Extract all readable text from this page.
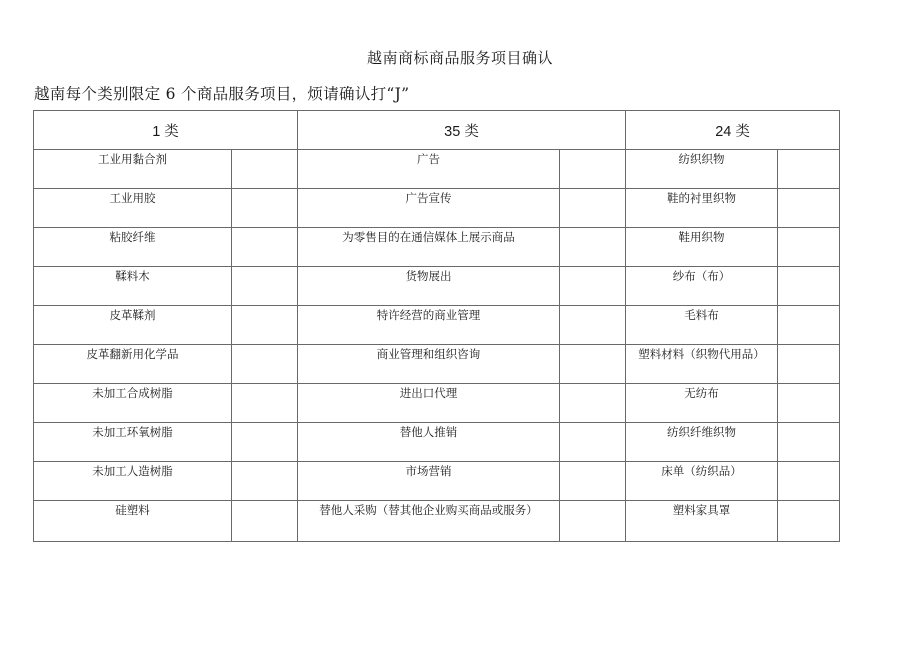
越南商标商品服务项目确认
越南每个类别限定 6 个商品服务项目，烦请确认打“J”
1 类		35 类		24 类	
工业用黏合剂		广告		纺织织物	
工业用胶		广告宣传		鞋的衬里织物	
粘胶纤维		为零售目的在通信媒体上展示商品		鞋用织物	
鞣料木		货物展出		纱布（布）	
皮革鞣剂		特许经营的商业管理		毛料布	
皮革翻新用化学品		商业管理和组织咨询		塑料材料（织物代用品）	
未加工合成树脂		进出口代理		无纺布	
未加工环氧树脂		替他人推销		纺织纤维织物	
未加工人造树脂		市场营销		床单（纺织品）	
硅塑料		替他人采购（替其他企业购买商品或服务）		塑料家具罩	
